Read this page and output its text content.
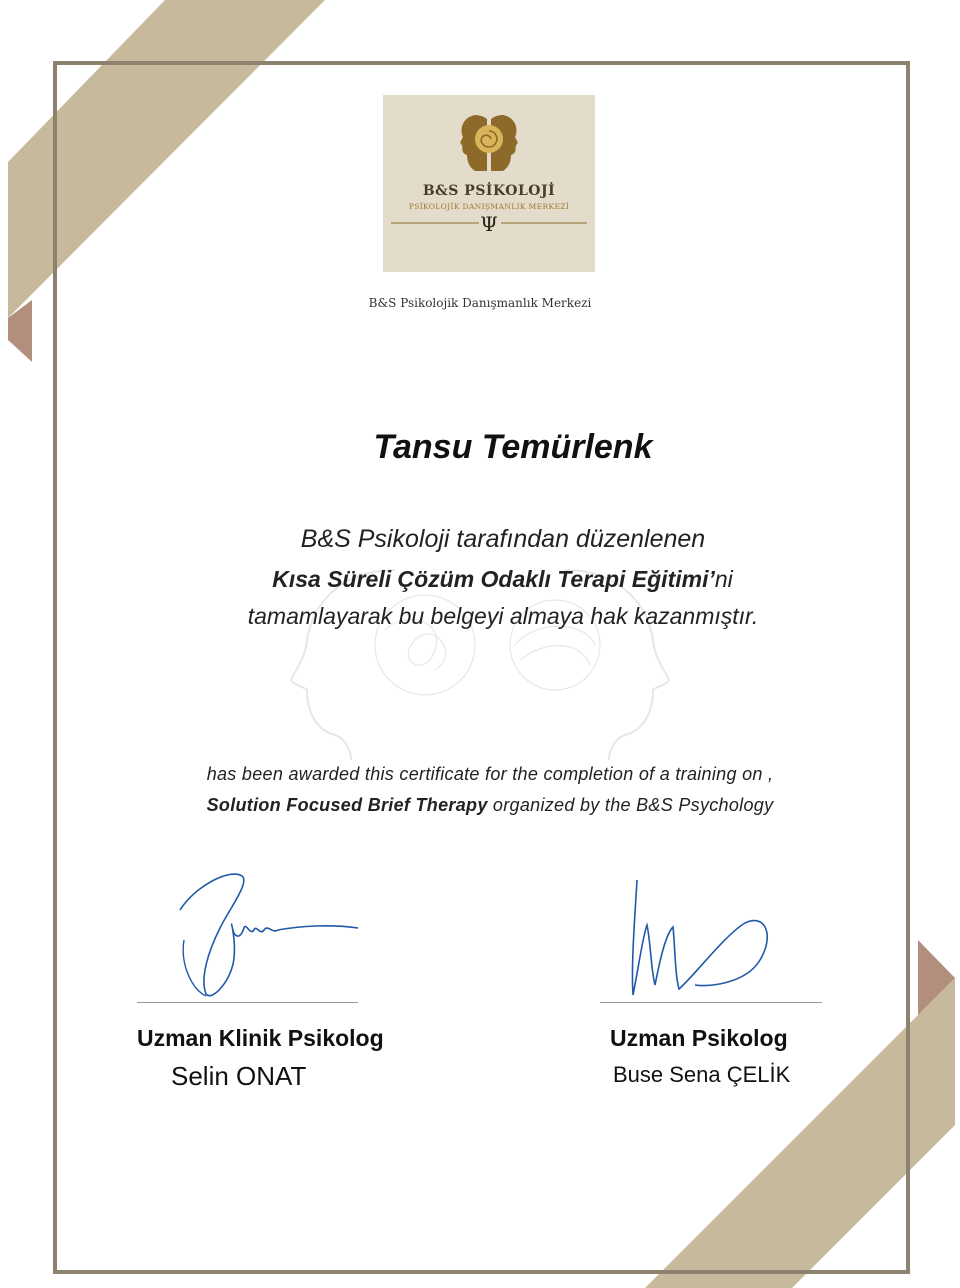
B&S PSİKOLOJİ
PSİKOLOJİK DANIŞMANLIK MERKEZİ
Ψ
B&S Psikolojik Danışmanlık Merkezi
Tansu Temürlenk
B&S Psikoloji tarafından düzenlenen
Kısa Süreli Çözüm Odaklı Terapi Eğitimi’ni
tamamlayarak bu belgeyi almaya hak kazanmıştır.
has been awarded this certificate for the completion of a training on ,
Solution Focused Brief Therapy organized by the B&S Psychology
Uzman Klinik Psikolog
Selin ONAT
Uzman Psikolog
Buse Sena ÇELİK
